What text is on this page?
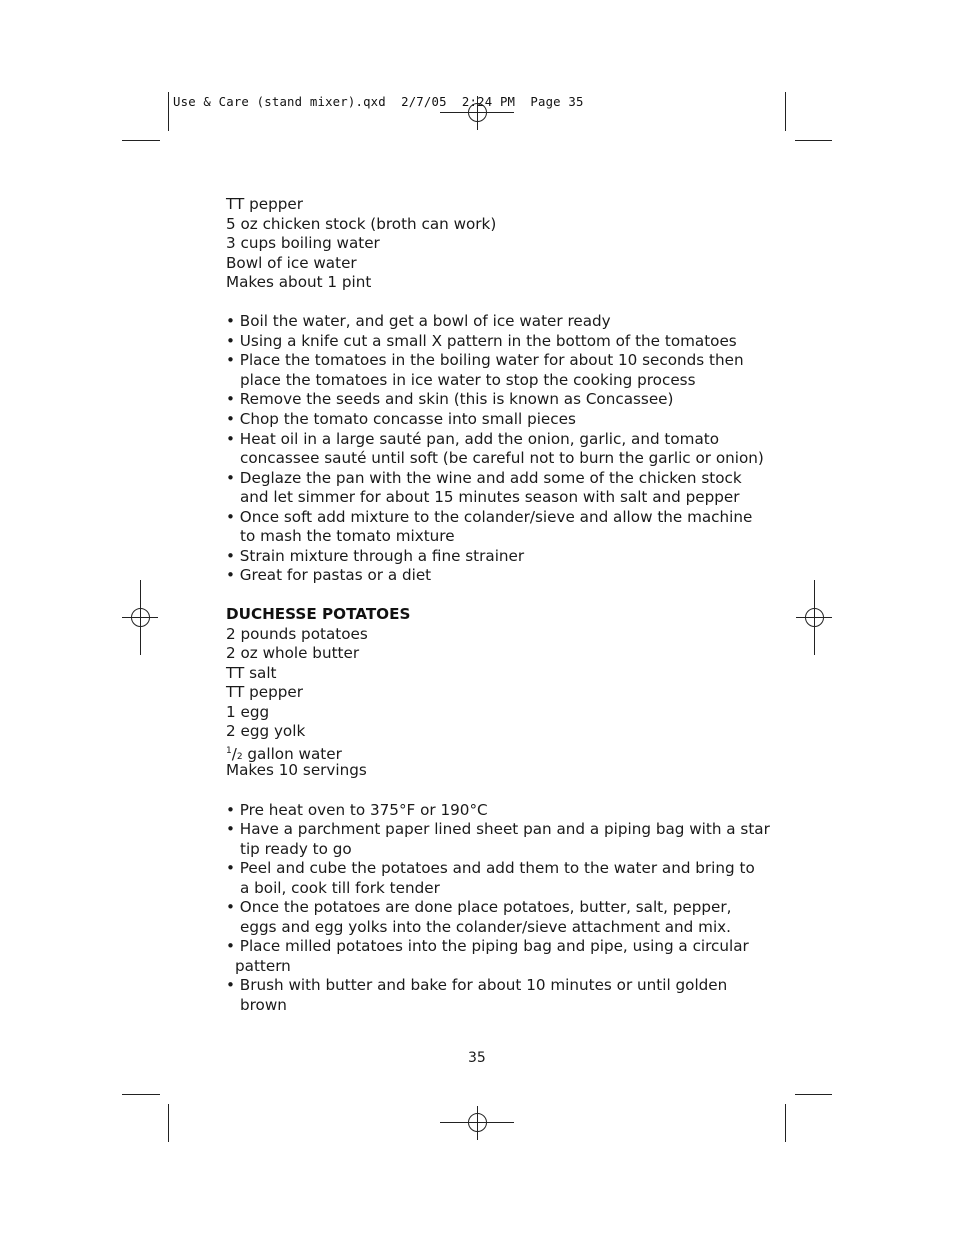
Use & Care (stand mixer).qxd  2/7/05  2:24 PM  Page 35
TT pepper
5 oz chicken stock (broth can work)
3 cups boiling water
Bowl of ice water
Makes about 1 pint
• Boil the water, and get a bowl of ice water ready
• Using a knife cut a small X pattern in the bottom of the tomatoes
• Place the tomatoes in the boiling water for about 10 seconds then
place the tomatoes in ice water to stop the cooking process
• Remove the seeds and skin (this is known as Concassee)
• Chop the tomato concasse into small pieces
• Heat oil in a large sauté pan, add the onion, garlic, and tomato
concassee sauté until soft (be careful not to burn the garlic or onion)
• Deglaze the pan with the wine and add some of the chicken stock
and let simmer for about 15 minutes season with salt and pepper
• Once soft add mixture to the colander/sieve and allow the machine
to mash the tomato mixture
• Strain mixture through a fine strainer
• Great for pastas or a diet
DUCHESSE POTATOES
2 pounds potatoes
2 oz whole butter
TT salt
TT pepper
1 egg
2 egg yolk
$^1$/2 gallon water
Makes 10 servings
• Pre heat oven to 375°F or 190°C
• Have a parchment paper lined sheet pan and a piping bag with a star
tip ready to go
• Peel and cube the potatoes and add them to the water and bring to
a boil, cook till fork tender
• Once the potatoes are done place potatoes, butter, salt, pepper,
eggs and egg yolks into the colander/sieve attachment and mix.
• Place milled potatoes into the piping bag and pipe, using a circular
pattern
• Brush with butter and bake for about 10 minutes or until golden
brown
35
